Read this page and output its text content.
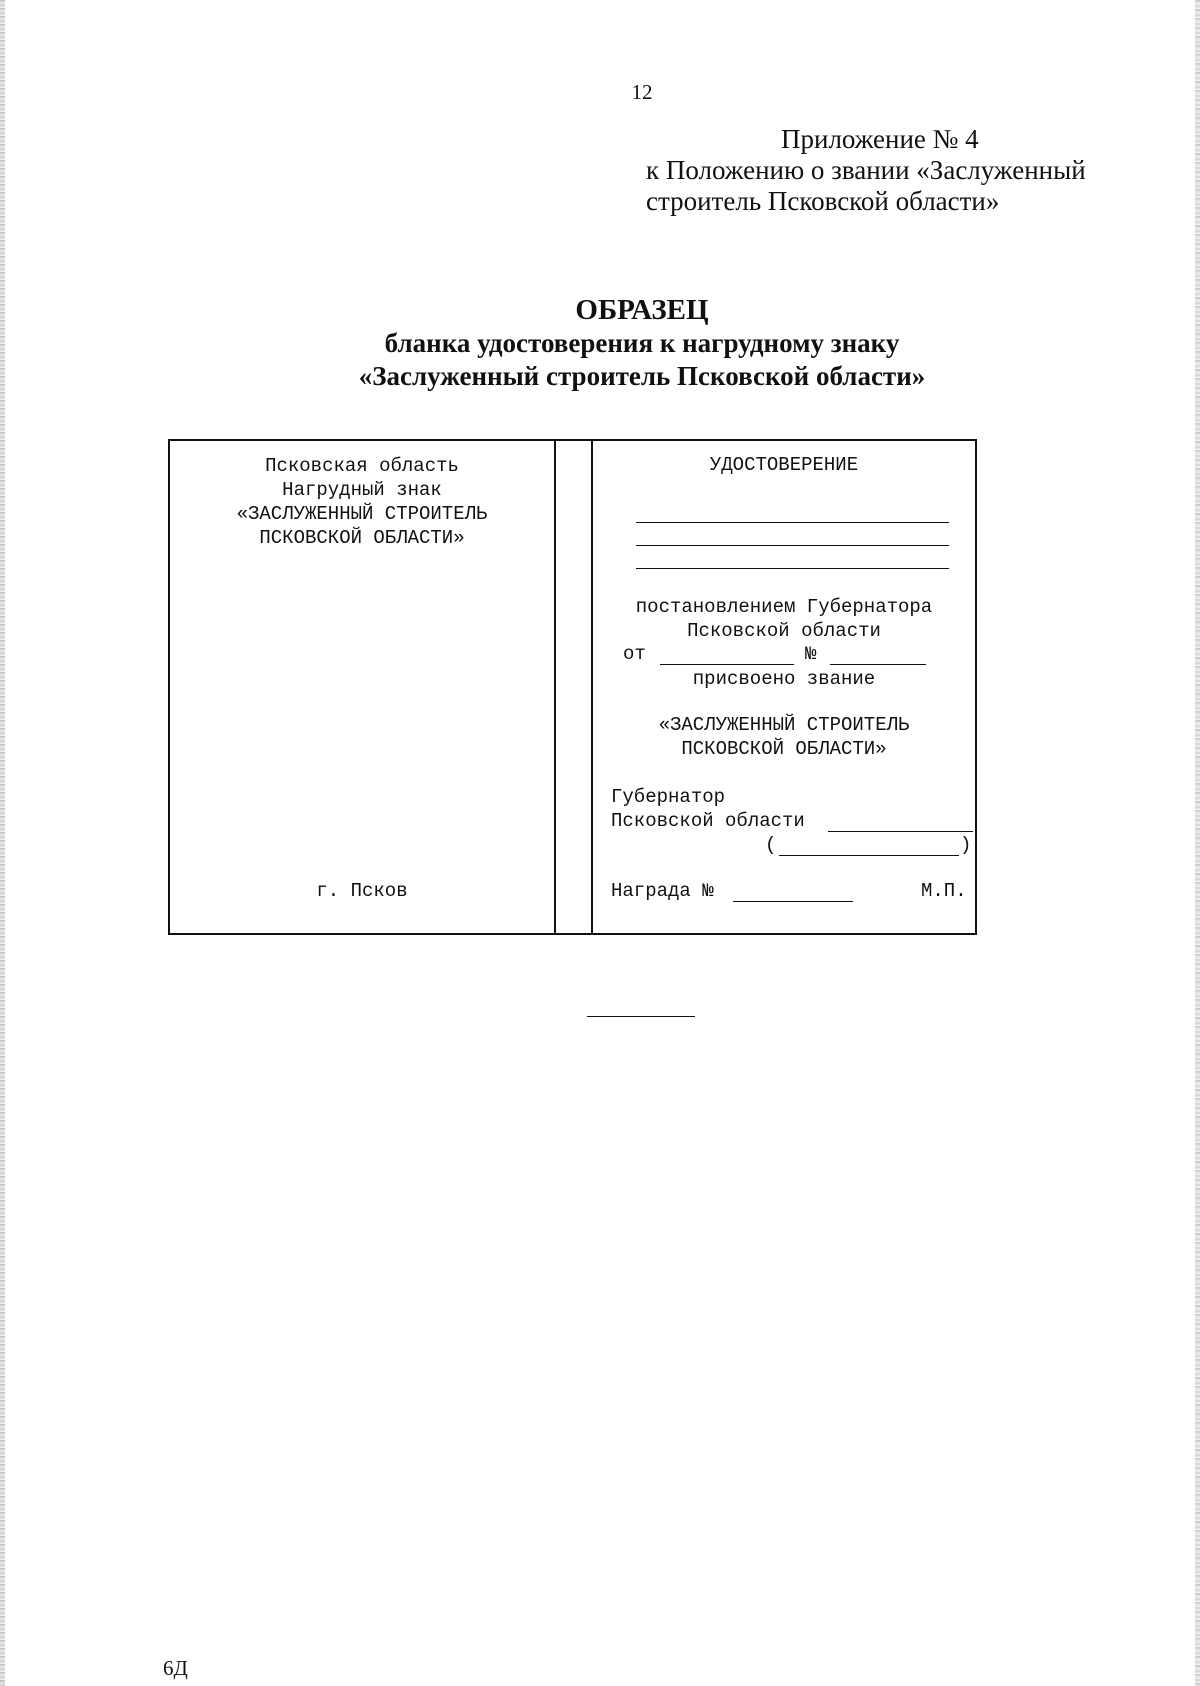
12
Приложение № 4
к Положению о звании «Заслуженный
строитель Псковской области»
ОБРАЗЕЦ
бланка удостоверения к нагрудному знаку
«Заслуженный строитель Псковской области»
Псковская область
Нагрудный знак
«ЗАСЛУЖЕННЫЙ СТРОИТЕЛЬ
ПСКОВСКОЙ ОБЛАСТИ»
г. Псков
УДОСТОВЕРЕНИЕ
постановлением Губернатора
Псковской области
от	№
присвоено звание
«ЗАСЛУЖЕННЫЙ СТРОИТЕЛЬ
ПСКОВСКОЙ ОБЛАСТИ»
Губернатор
Псковской области
(	)
Награда №	М.П.
6Д
